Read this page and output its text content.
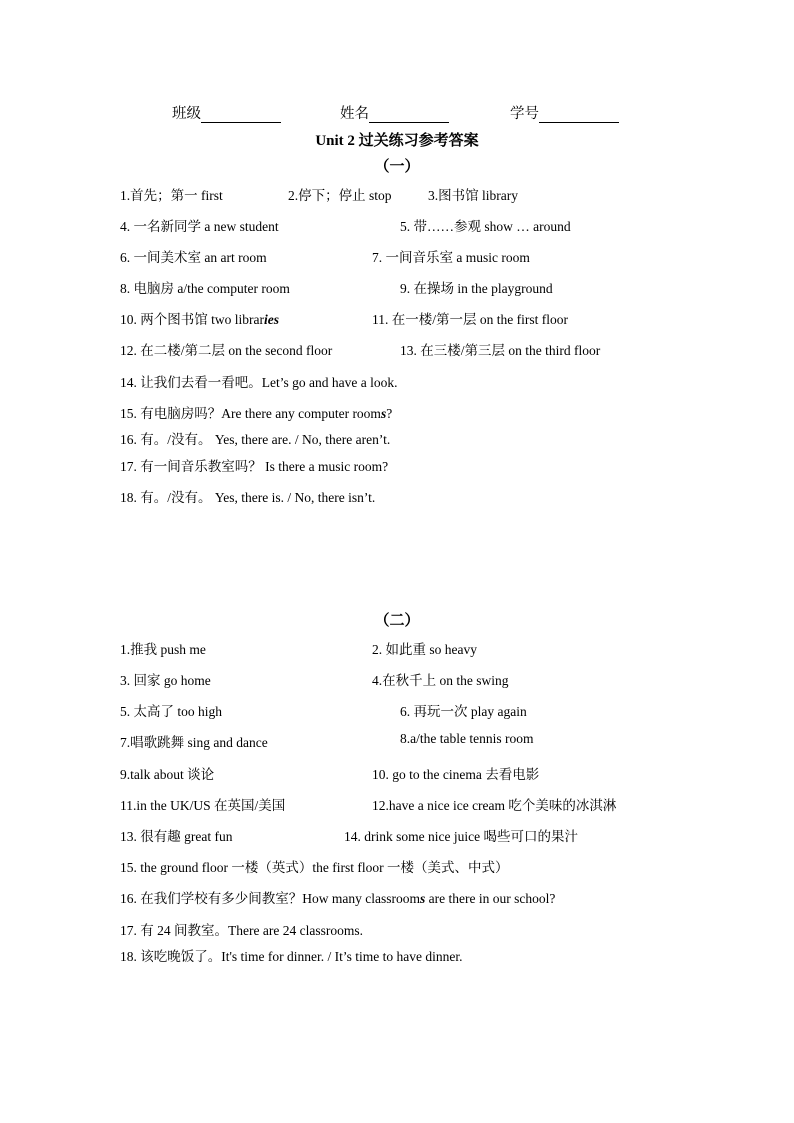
班级	姓名	学号
Unit 2 过关练习参考答案
（一）
1.首先；第一 first	2.停下；停止 stop	3.图书馆 library
4. 一名新同学 a new student	5. 带……参观 show … around
6. 一间美术室 an art room	7. 一间音乐室 a music room
8. 电脑房 a/the computer room	9. 在操场 in the playground
10. 两个图书馆 two libraries	11. 在一楼/第一层 on the first floor
12. 在二楼/第二层 on the second floor	13. 在三楼/第三层 on the third floor
14. 让我们去看一看吧。Let’s go and have a look.
15. 有电脑房吗？Are there any computer rooms?
16. 有。/没有。 Yes, there are. / No, there aren’t.
17. 有一间音乐教室吗？ Is there a music room?
18. 有。/没有。 Yes, there is. / No, there isn’t.
（二）
1.推我 push me	2. 如此重 so heavy
3. 回家 go home	4.在秋千上 on the swing
5. 太高了 too high	6. 再玩一次 play again
7.唱歌跳舞 sing and dance	8.a/the table tennis room
9.talk about 谈论	10. go to the cinema 去看电影
11.in the UK/US 在英国/美国	12.have a nice ice cream 吃个美味的冰淇淋
13. 很有趣 great fun	14. drink some nice juice 喝些可口的果汁
15. the ground floor 一楼（英式）the first floor 一楼（美式、中式）
16. 在我们学校有多少间教室？How many classrooms are there in our school?
17. 有 24 间教室。There are 24 classrooms.
18. 该吃晚饭了。It's time for dinner. / It’s time to have dinner.
